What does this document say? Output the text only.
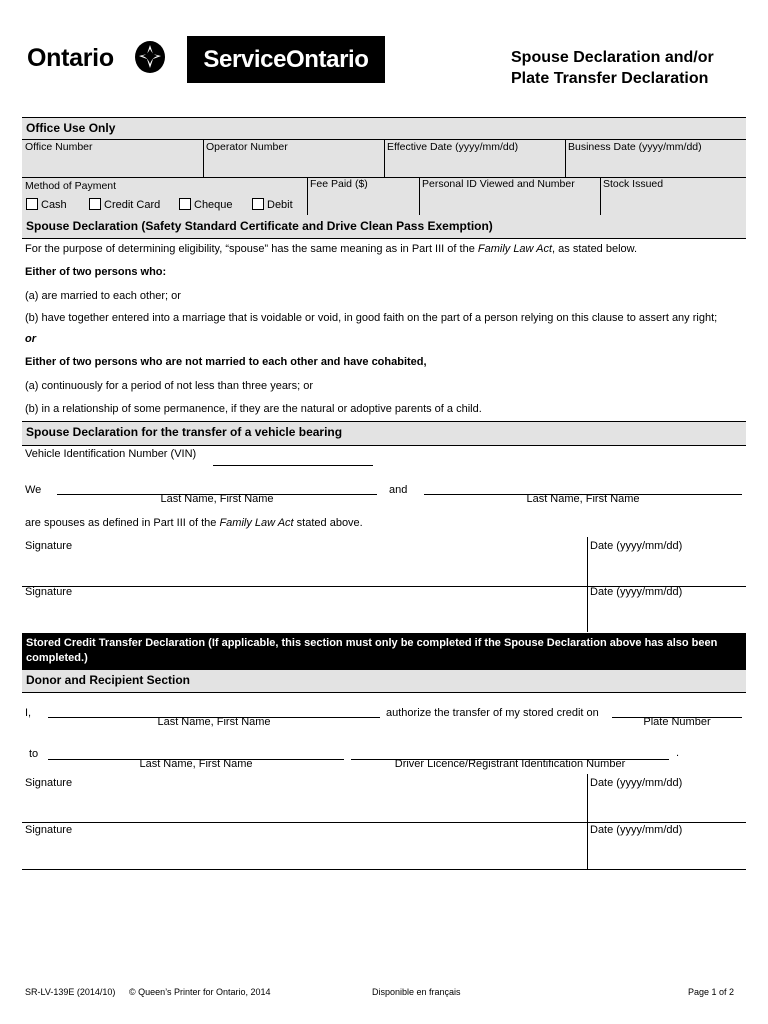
Ontario	ServiceOntario	Spouse Declaration and/or
Plate Transfer Declaration
Office Use Only
Office Number	Operator Number	Effective Date (yyyy/mm/dd)	Business Date (yyyy/mm/dd)
Method of Payment
Cash	Credit Card	Cheque	Debit
Fee Paid ($)	Personal ID Viewed and Number	Stock Issued
Spouse Declaration (Safety Standard Certificate and Drive Clean Pass Exemption)
For the purpose of determining eligibility, “spouse” has the same meaning as in Part III of the Family Law Act, as stated below.
Either of two persons who:
(a) are married to each other; or
(b) have together entered into a marriage that is voidable or void, in good faith on the part of a person relying on this clause to assert any right;
or
Either of two persons who are not married to each other and have cohabited,
(a) continuously for a period of not less than three years; or
(b) in a relationship of some permanence, if they are the natural or adoptive parents of a child.
Spouse Declaration for the transfer of a vehicle bearing
Vehicle Identification Number (VIN)
We
Last Name, First Name
and
Last Name, First Name
are spouses as defined in Part III of the Family Law Act stated above.
Signature	Date (yyyy/mm/dd)
Signature	Date (yyyy/mm/dd)
Stored Credit Transfer Declaration (If applicable, this section must only be completed if the Spouse Declaration above has also been completed.)
Donor and Recipient Section
I,
Last Name, First Name
authorize the transfer of my stored credit on
Plate Number
to
Last Name, First Name	Driver Licence/Registrant Identification Number
.
Signature	Date (yyyy/mm/dd)
Signature	Date (yyyy/mm/dd)
SR-LV-139E (2014/10) © Queen’s Printer for Ontario, 2014	Disponible en français	Page 1 of 2
